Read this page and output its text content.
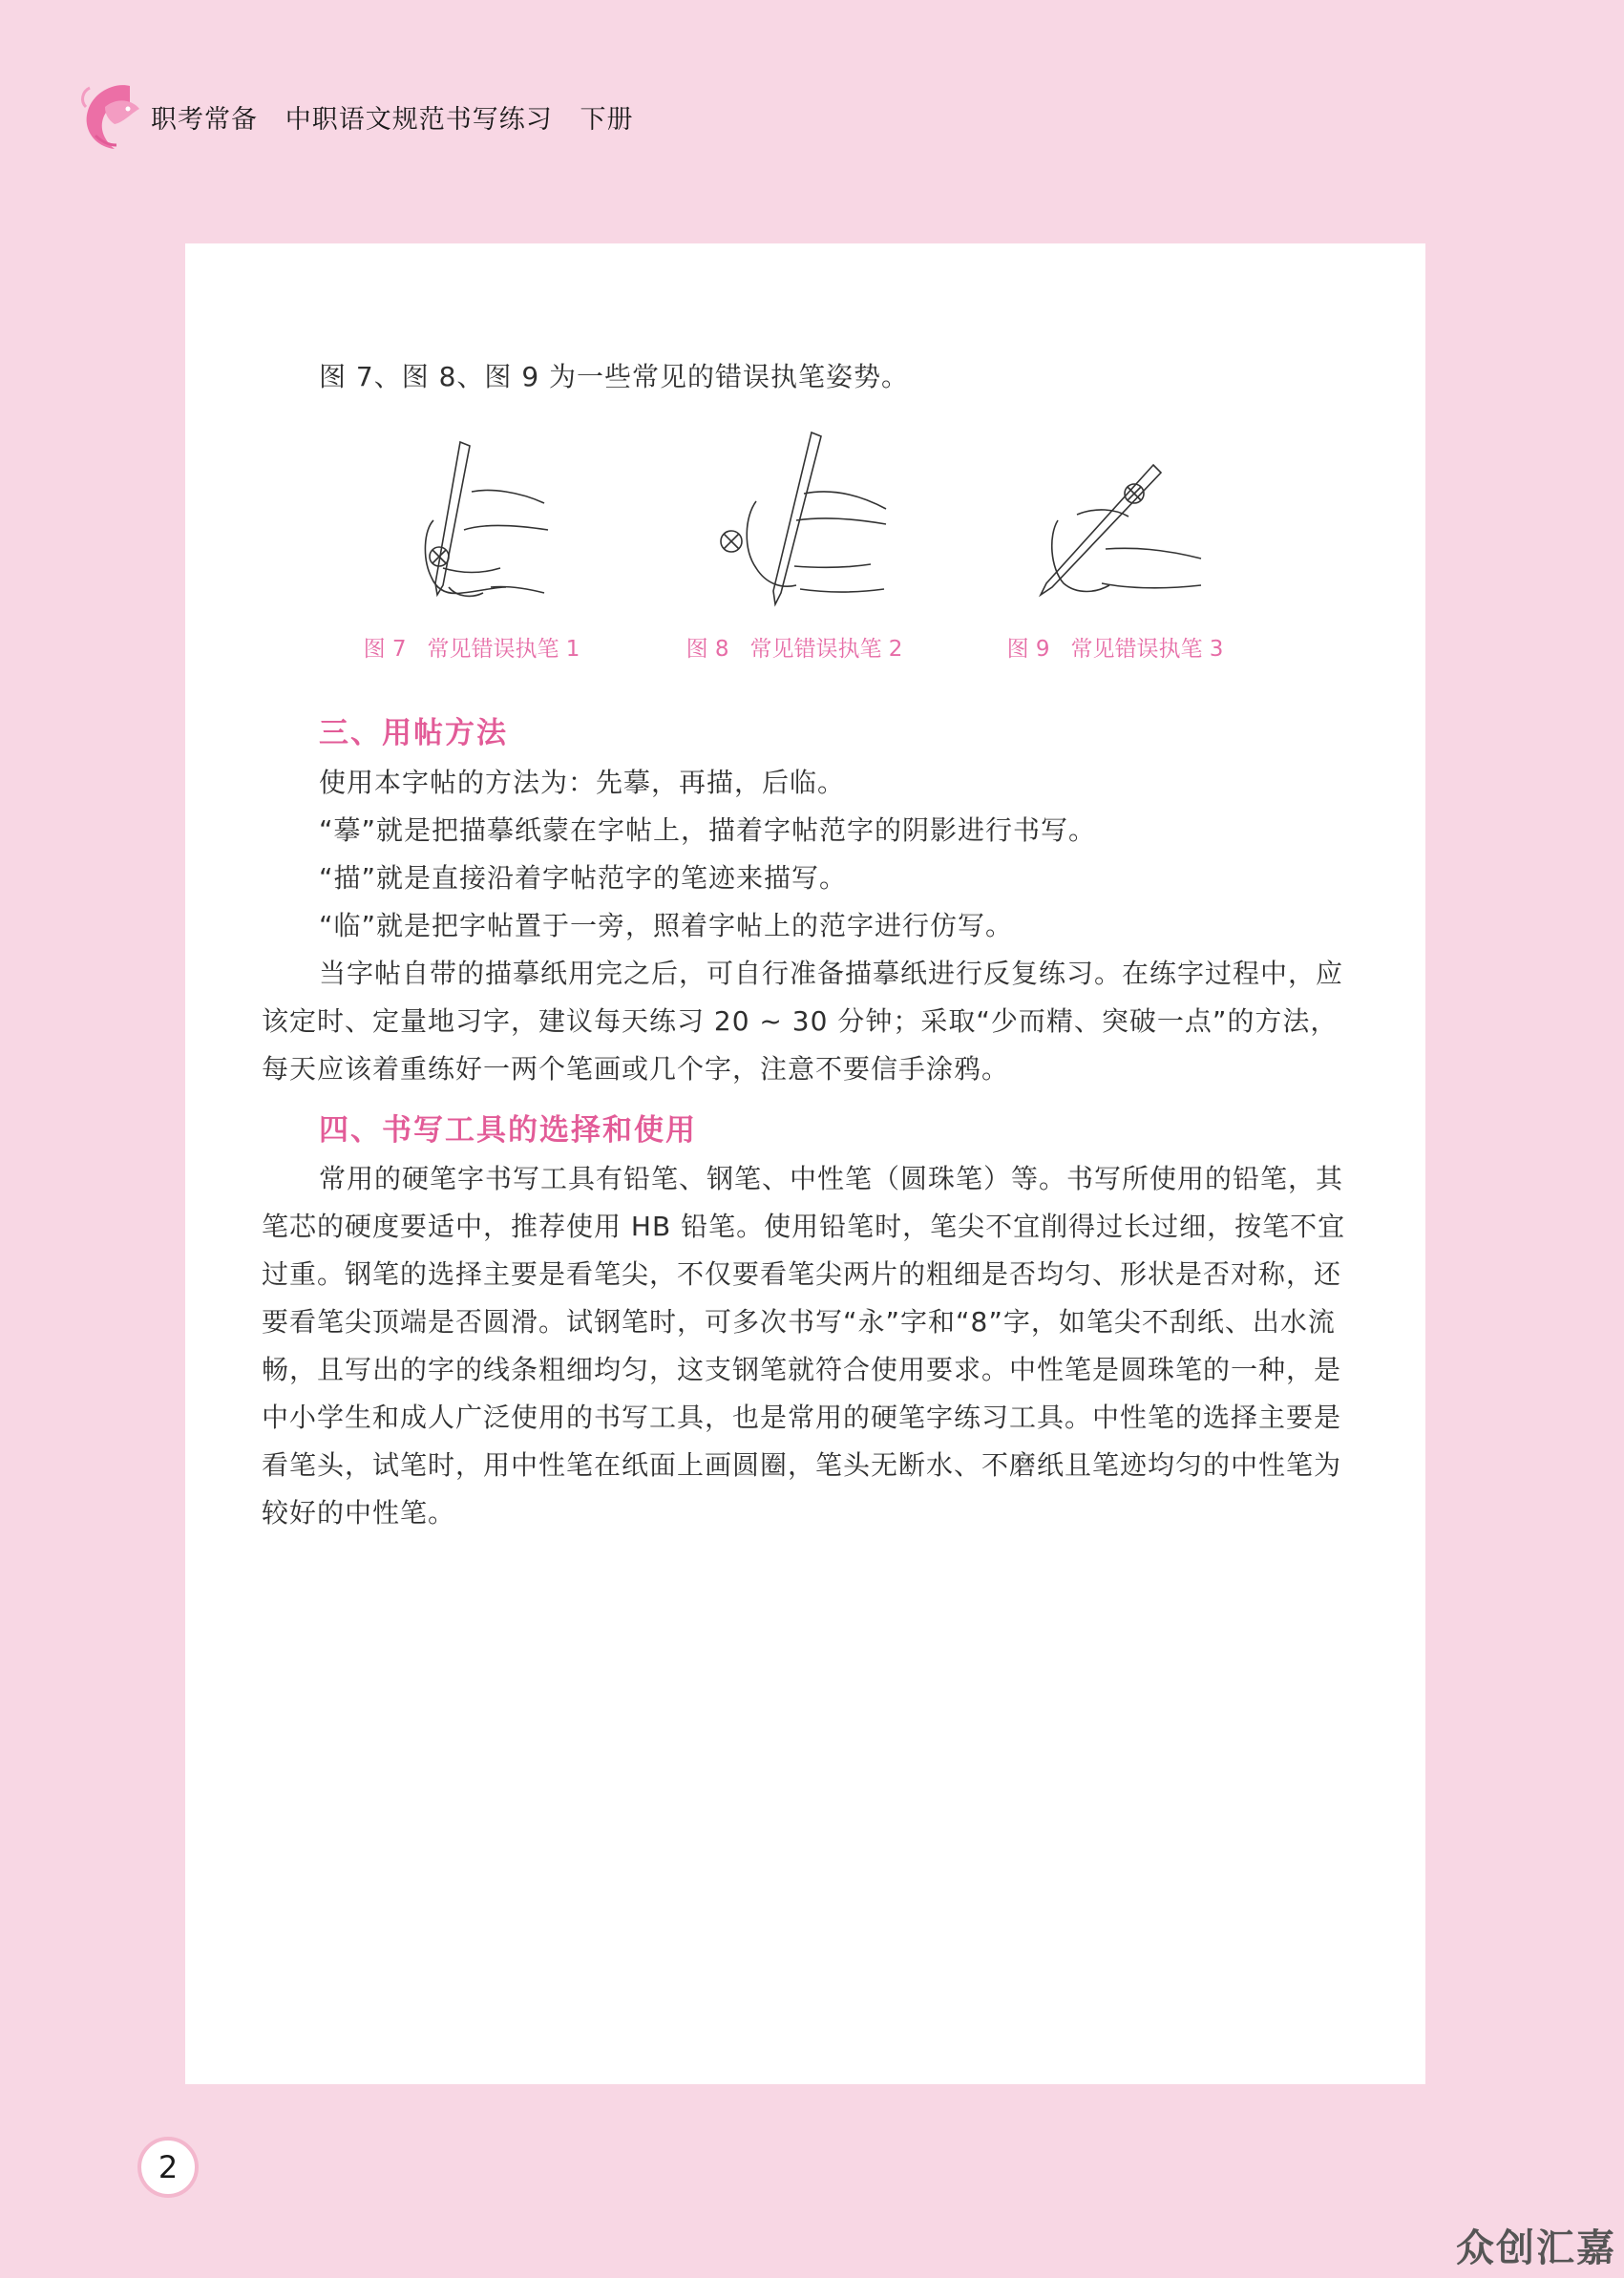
职考常备   中职语文规范书写练习   下册
图 7、图 8、图 9 为一些常见的错误执笔姿势。
图 7   常见错误执笔 1	图 8   常见错误执笔 2	图 9   常见错误执笔 3
三、用帖方法
使用本字帖的方法为：先摹，再描，后临。
“摹”就是把描摹纸蒙在字帖上，描着字帖范字的阴影进行书写。
“描”就是直接沿着字帖范字的笔迹来描写。
“临”就是把字帖置于一旁，照着字帖上的范字进行仿写。
当字帖自带的描摹纸用完之后，可自行准备描摹纸进行反复练习。在练字过程中，应该定时、定量地习字，建议每天练习 20 ~ 30 分钟；采取“少而精、突破一点”的方法，每天应该着重练好一两个笔画或几个字，注意不要信手涂鸦。
四、书写工具的选择和使用
常用的硬笔字书写工具有铅笔、钢笔、中性笔（圆珠笔）等。书写所使用的铅笔，其笔芯的硬度要适中，推荐使用 HB 铅笔。使用铅笔时，笔尖不宜削得过长过细，按笔不宜过重。钢笔的选择主要是看笔尖，不仅要看笔尖两片的粗细是否均匀、形状是否对称，还要看笔尖顶端是否圆滑。试钢笔时，可多次书写“永”字和“8”字，如笔尖不刮纸、出水流畅，且写出的字的线条粗细均匀，这支钢笔就符合使用要求。中性笔是圆珠笔的一种，是中小学生和成人广泛使用的书写工具，也是常用的硬笔字练习工具。中性笔的选择主要是看笔头，试笔时，用中性笔在纸面上画圆圈，笔头无断水、不磨纸且笔迹均匀的中性笔为较好的中性笔。
2
众创汇嘉
